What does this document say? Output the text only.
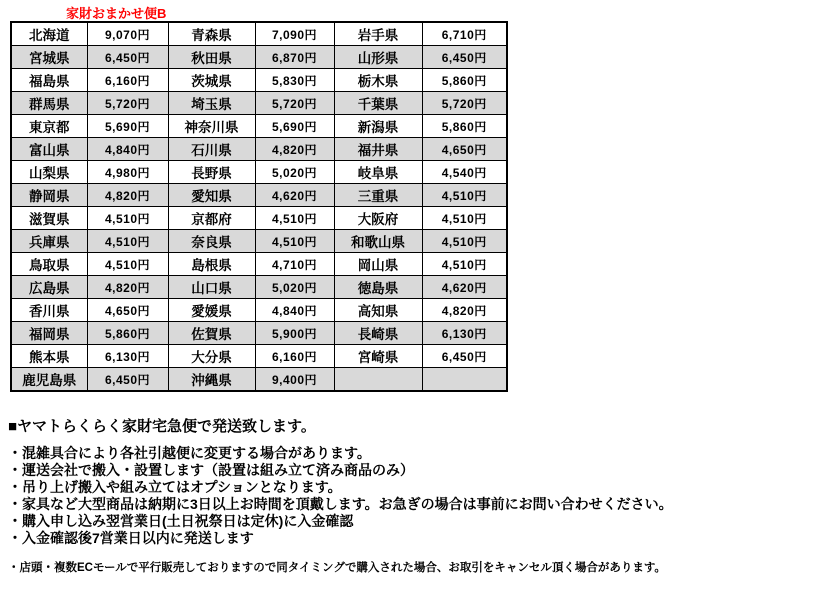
家財おまかせ便B
北海道	9,070円	青森県	7,090円	岩手県	6,710円
宮城県	6,450円	秋田県	6,870円	山形県	6,450円
福島県	6,160円	茨城県	5,830円	栃木県	5,860円
群馬県	5,720円	埼玉県	5,720円	千葉県	5,720円
東京都	5,690円	神奈川県	5,690円	新潟県	5,860円
富山県	4,840円	石川県	4,820円	福井県	4,650円
山梨県	4,980円	長野県	5,020円	岐阜県	4,540円
静岡県	4,820円	愛知県	4,620円	三重県	4,510円
滋賀県	4,510円	京都府	4,510円	大阪府	4,510円
兵庫県	4,510円	奈良県	4,510円	和歌山県	4,510円
鳥取県	4,510円	島根県	4,710円	岡山県	4,510円
広島県	4,820円	山口県	5,020円	徳島県	4,620円
香川県	4,650円	愛媛県	4,840円	高知県	4,820円
福岡県	5,860円	佐賀県	5,900円	長崎県	6,130円
熊本県	6,130円	大分県	6,160円	宮崎県	6,450円
鹿児島県	6,450円	沖縄県	9,400円		

■ヤマトらくらく家財宅急便で発送致します。

・混雑具合により各社引越便に変更する場合があります。
・運送会社で搬入・設置します（設置は組み立て済み商品のみ）
・吊り上げ搬入や組み立てはオプションとなります。
・家具など大型商品は納期に3日以上お時間を頂戴します。お急ぎの場合は事前にお問い合わせください。
・購入申し込み翌営業日(土日祝祭日は定休)に入金確認
・入金確認後7営業日以内に発送します
・店頭・複数ECモールで平行販売しておりますので同タイミングで購入された場合、お取引をキャンセル頂く場合があります。
